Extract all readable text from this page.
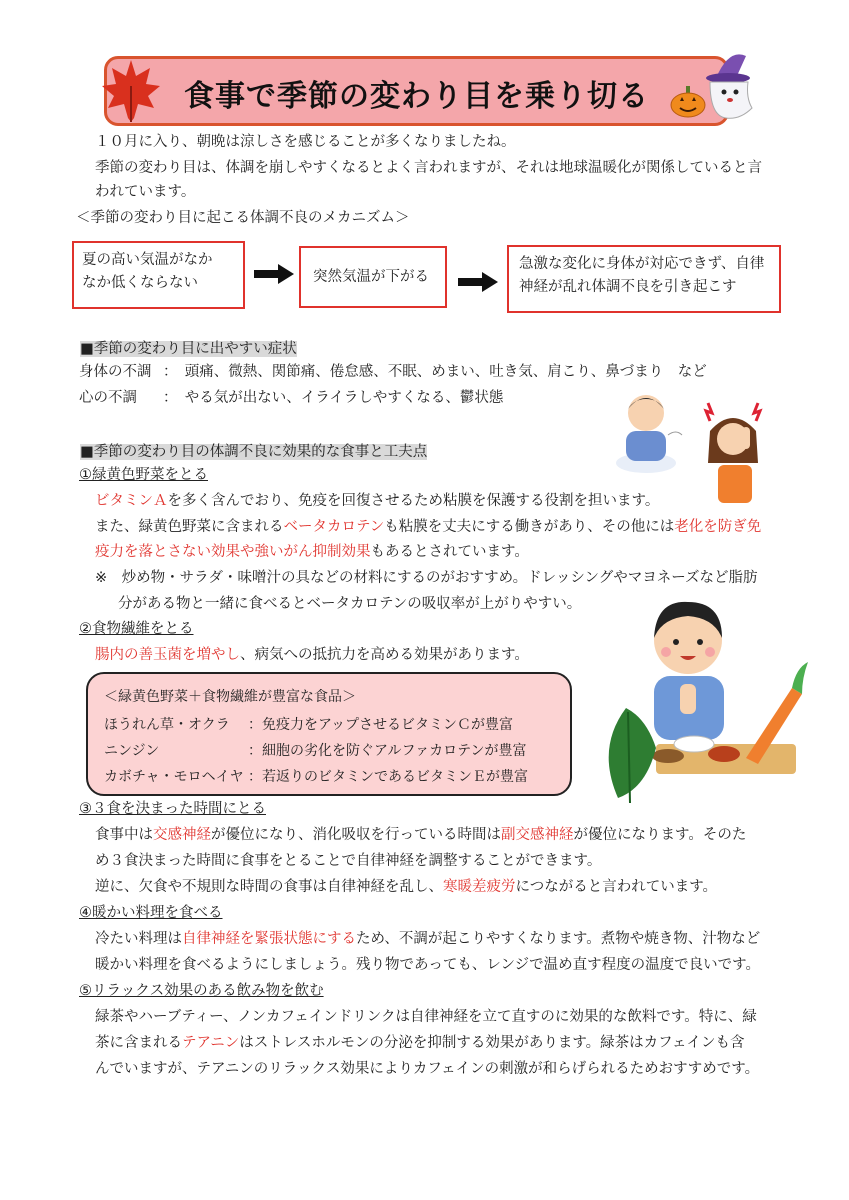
食事で季節の変わり目を乗り切る
１０月に入り、朝晩は涼しさを感じることが多くなりましたね。
季節の変わり目は、体調を崩しやすくなるとよく言われますが、それは地球温暖化が関係していると言
われています。
＜季節の変わり目に起こる体調不良のメカニズム＞
夏の高い気温がなか
なか低くならない	突然気温が下がる
急激な変化に身体が対応できず、自律
神経が乱れ体調不良を引き起こす
■季節の変わり目に出やすい症状
身体の不調 ：　頭痛、微熱、関節痛、倦怠感、不眠、めまい、吐き気、肩こり、鼻づまり　など
心の不調 ：　やる気が出ない、イライラしやすくなる、鬱状態
■季節の変わり目の体調不良に効果的な食事と工夫点
①緑黄色野菜をとる
ビタミンＡを多く含んでおり、免疫を回復させるため粘膜を保護する役割を担います。
また、緑黄色野菜に含まれるベータカロテンも粘膜を丈夫にする働きがあり、その他には老化を防ぎ免
疫力を落とさない効果や強いがん抑制効果もあるとされています。
※　炒め物・サラダ・味噌汁の具などの材料にするのがおすすめ。ドレッシングやマヨネーズなど脂肪
分がある物と一緒に食べるとベータカロテンの吸収率が上がりやすい。
②食物繊維をとる
腸内の善玉菌を増やし、病気への抵抗力を高める効果があります。
＜緑黄色野菜＋食物繊維が豊富な食品＞
ほうれん草・オクラ ：免疫力をアップさせるビタミンＣが豊富
ニンジン	：細胞の劣化を防ぐアルファカロテンが豊富
カボチャ・モロヘイヤ ：若返りのビタミンであるビタミンＥが豊富
③３食を決まった時間にとる
食事中は交感神経が優位になり、消化吸収を行っている時間は副交感神経が優位になります。そのた
め３食決まった時間に食事をとることで自律神経を調整することができます。
逆に、欠食や不規則な時間の食事は自律神経を乱し、寒暖差疲労につながると言われています。
④暖かい料理を食べる
冷たい料理は自律神経を緊張状態にするため、不調が起こりやすくなります。煮物や焼き物、汁物など
暖かい料理を食べるようにしましょう。残り物であっても、レンジで温め直す程度の温度で良いです。
⑤リラックス効果のある飲み物を飲む
緑茶やハーブティー、ノンカフェインドリンクは自律神経を立て直すのに効果的な飲料です。特に、緑
茶に含まれるテアニンはストレスホルモンの分泌を抑制する効果があります。緑茶はカフェインも含
んでいますが、テアニンのリラックス効果によりカフェインの刺激が和らげられるためおすすめです。
